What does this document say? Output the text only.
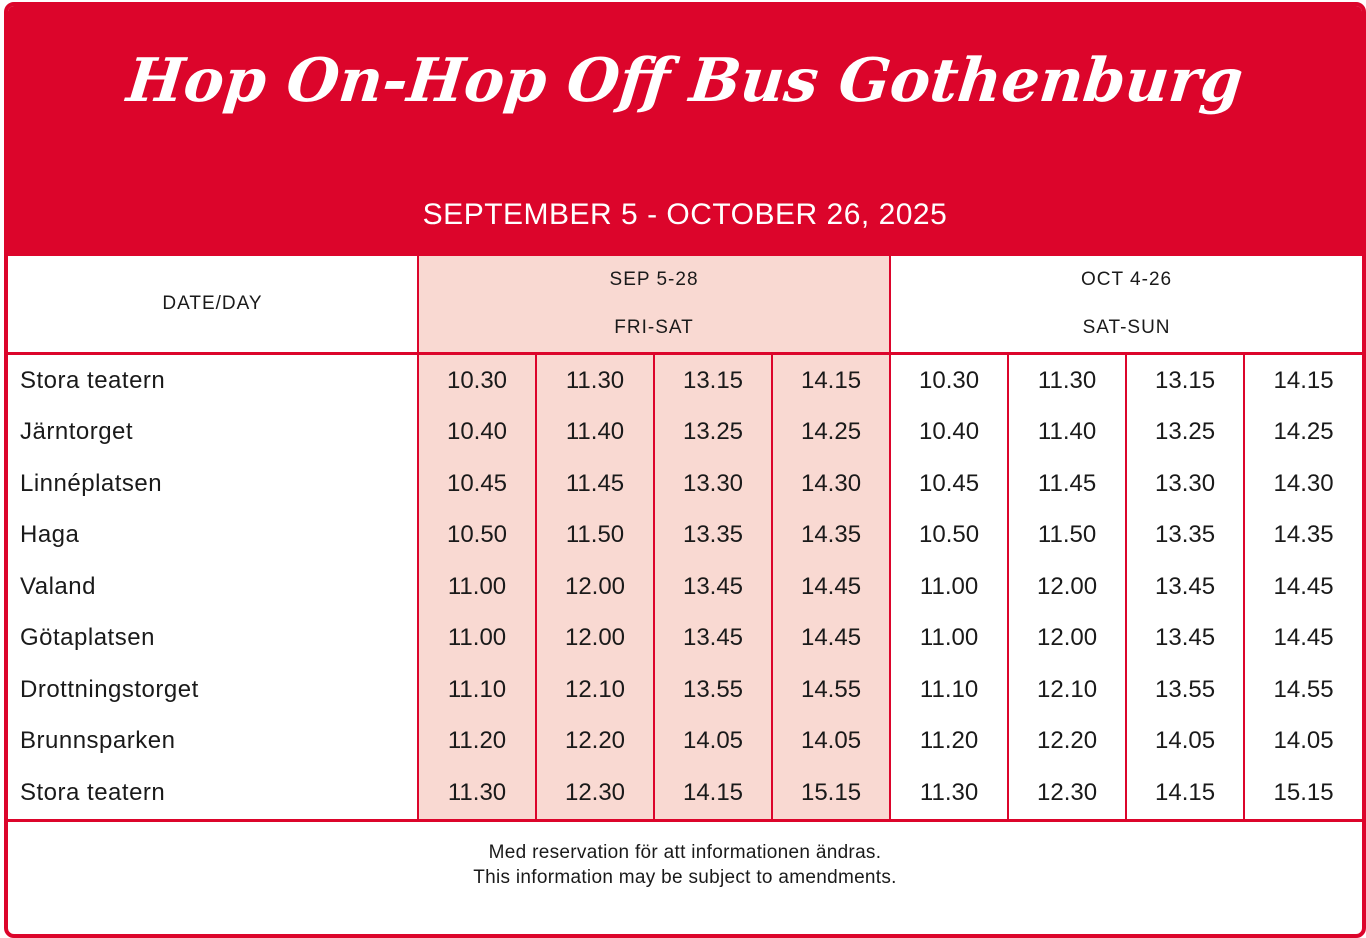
Hop On-Hop Off Bus Gothenburg
SEPTEMBER 5 - OCTOBER 26, 2025
DATE/DAY	SEP 5-28				OCT 4-26			
	FRI-SAT				SAT-SUN			
Stora teatern	10.30	11.30	13.15	14.15	10.30	11.30	13.15	14.15
Järntorget	10.40	11.40	13.25	14.25	10.40	11.40	13.25	14.25
Linnéplatsen	10.45	11.45	13.30	14.30	10.45	11.45	13.30	14.30
Haga	10.50	11.50	13.35	14.35	10.50	11.50	13.35	14.35
Valand	11.00	12.00	13.45	14.45	11.00	12.00	13.45	14.45
Götaplatsen	11.00	12.00	13.45	14.45	11.00	12.00	13.45	14.45
Drottningstorget	11.10	12.10	13.55	14.55	11.10	12.10	13.55	14.55
Brunnsparken	11.20	12.20	14.05	14.05	11.20	12.20	14.05	14.05
Stora teatern	11.30	12.30	14.15	15.15	11.30	12.30	14.15	15.15
Med reservation för att informationen ändras.
This information may be subject to amendments.
